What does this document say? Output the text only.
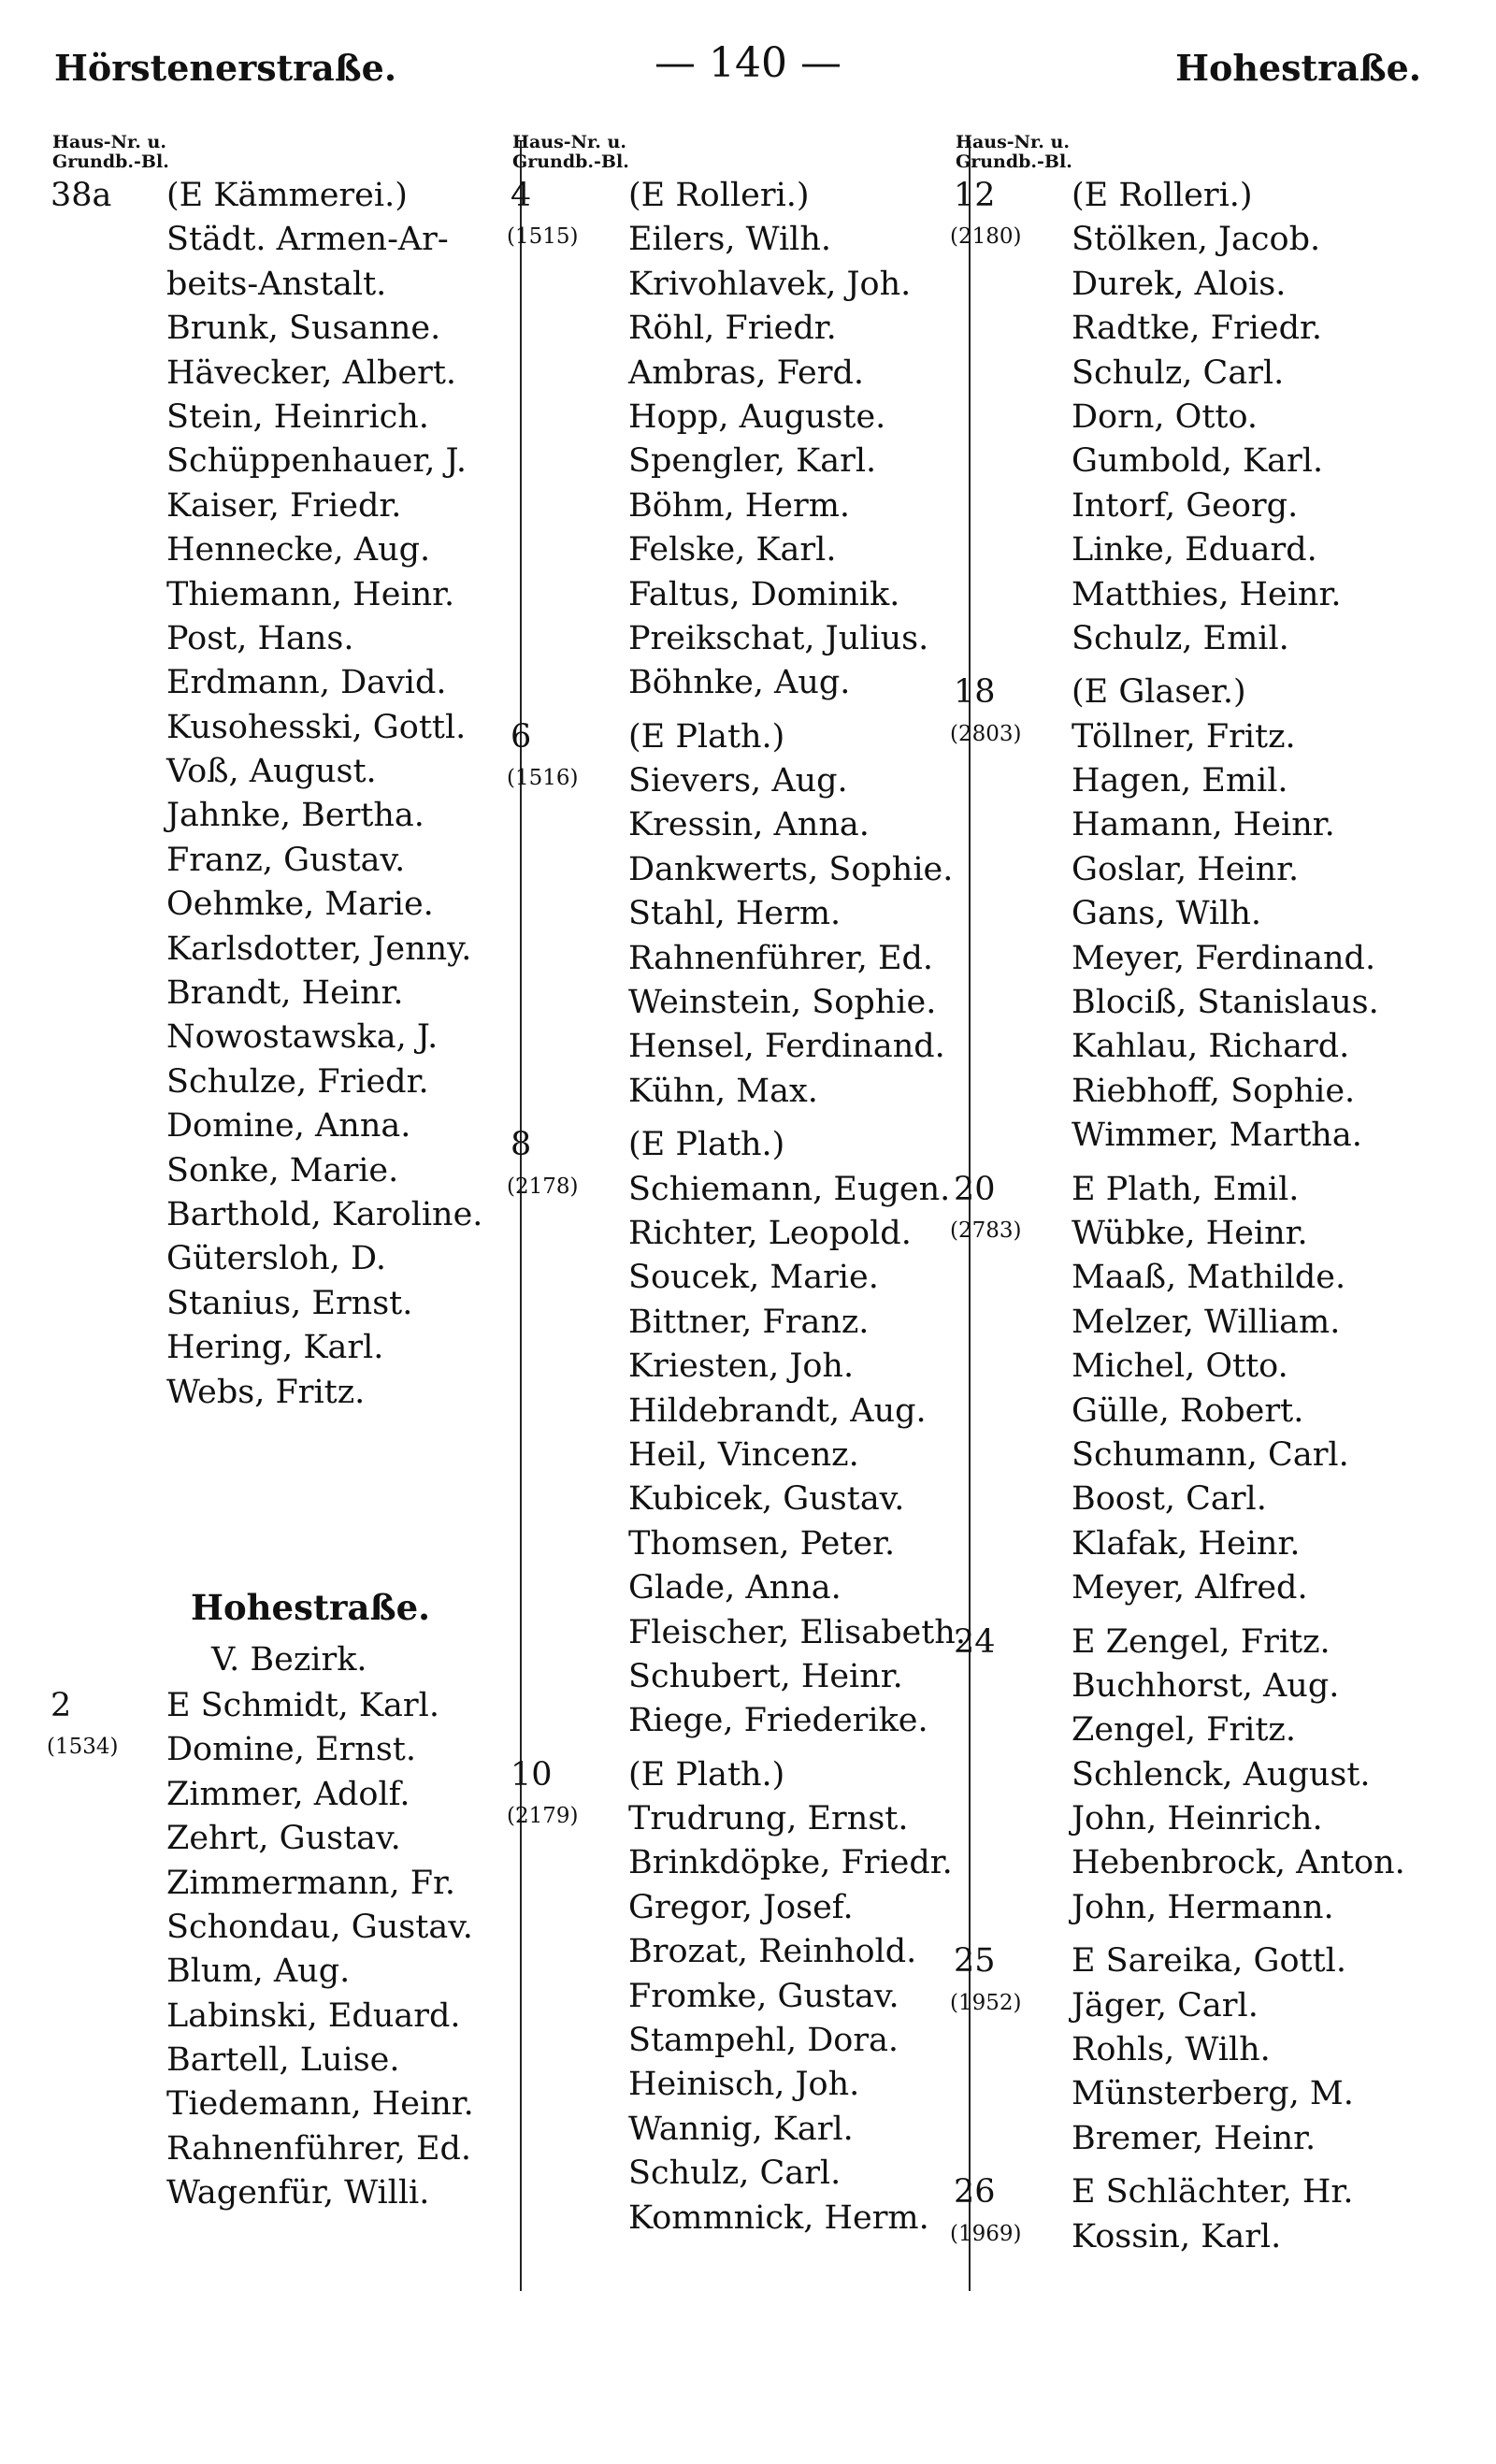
Hörstenerstraße.	— 140 —	Hohestraße.
Haus-Nr. u.
Grundb.-Bl.
38a	(E Kämmerei.)
Städt. Armen-Ar-
beits-Anstalt.
Brunk, Susanne.
Hävecker, Albert.
Stein, Heinrich.
Schüppenhauer, J.
Kaiser, Friedr.
Hennecke, Aug.
Thiemann, Heinr.
Post, Hans.
Erdmann, David.
Kusohesski, Gottl.
Voß, August.
Jahnke, Bertha.
Franz, Gustav.
Oehmke, Marie.
Karlsdotter, Jenny.
Brandt, Heinr.
Nowostawska, J.
Schulze, Friedr.
Domine, Anna.
Sonke, Marie.
Barthold, Karoline.
Gütersloh, D.
Stanius, Ernst.
Hering, Karl.
Webs, Fritz.
Hohestraße.
V. Bezirk.
2	E Schmidt, Karl.
(1534) Domine, Ernst.
Zimmer, Adolf.
Zehrt, Gustav.
Zimmermann, Fr.
Schondau, Gustav.
Blum, Aug.
Labinski, Eduard.
Bartell, Luise.
Tiedemann, Heinr.
Rahnenführer, Ed.
Wagenfür, Willi.
Haus-Nr. u.
Grundb.-Bl.
4	(E Rolleri.)
(1515) Eilers, Wilh.
Krivohlavek, Joh.
Röhl, Friedr.
Ambras, Ferd.
Hopp, Auguste.
Spengler, Karl.
Böhm, Herm.
Felske, Karl.
Faltus, Dominik.
Preikschat, Julius.
Böhnke, Aug.
6	(E Plath.)
(1516) Sievers, Aug.
Kressin, Anna.
Dankwerts, Sophie.
Stahl, Herm.
Rahnenführer, Ed.
Weinstein, Sophie.
Hensel, Ferdinand.
Kühn, Max.
8	(E Plath.)
(2178) Schiemann, Eugen.
Richter, Leopold.
Soucek, Marie.
Bittner, Franz.
Kriesten, Joh.
Hildebrandt, Aug.
Heil, Vincenz.
Kubicek, Gustav.
Thomsen, Peter.
Glade, Anna.
Fleischer, Elisabeth.
Schubert, Heinr.
Riege, Friederike.
10	(E Plath.)
(2179) Trudrung, Ernst.
Brinkdöpke, Friedr.
Gregor, Josef.
Brozat, Reinhold.
Fromke, Gustav.
Stampehl, Dora.
Heinisch, Joh.
Wannig, Karl.
Schulz, Carl.
Kommnick, Herm.
Haus-Nr. u.
Grundb.-Bl.
12	(E Rolleri.)
(2180) Stölken, Jacob.
Durek, Alois.
Radtke, Friedr.
Schulz, Carl.
Dorn, Otto.
Gumbold, Karl.
Intorf, Georg.
Linke, Eduard.
Matthies, Heinr.
Schulz, Emil.
18	(E Glaser.)
(2803) Töllner, Fritz.
Hagen, Emil.
Hamann, Heinr.
Goslar, Heinr.
Gans, Wilh.
Meyer, Ferdinand.
Blociß, Stanislaus.
Kahlau, Richard.
Riebhoff, Sophie.
Wimmer, Martha.
20	E Plath, Emil.
(2783) Wübke, Heinr.
Maaß, Mathilde.
Melzer, William.
Michel, Otto.
Gülle, Robert.
Schumann, Carl.
Boost, Carl.
Klafak, Heinr.
Meyer, Alfred.
24	E Zengel, Fritz.
Buchhorst, Aug.
Zengel, Fritz.
Schlenck, August.
John, Heinrich.
Hebenbrock, Anton.
John, Hermann.
25	E Sareika, Gottl.
(1952) Jäger, Carl.
Rohls, Wilh.
Münsterberg, M.
Bremer, Heinr.
26	E Schlächter, Hr.
(1969) Kossin, Karl.
